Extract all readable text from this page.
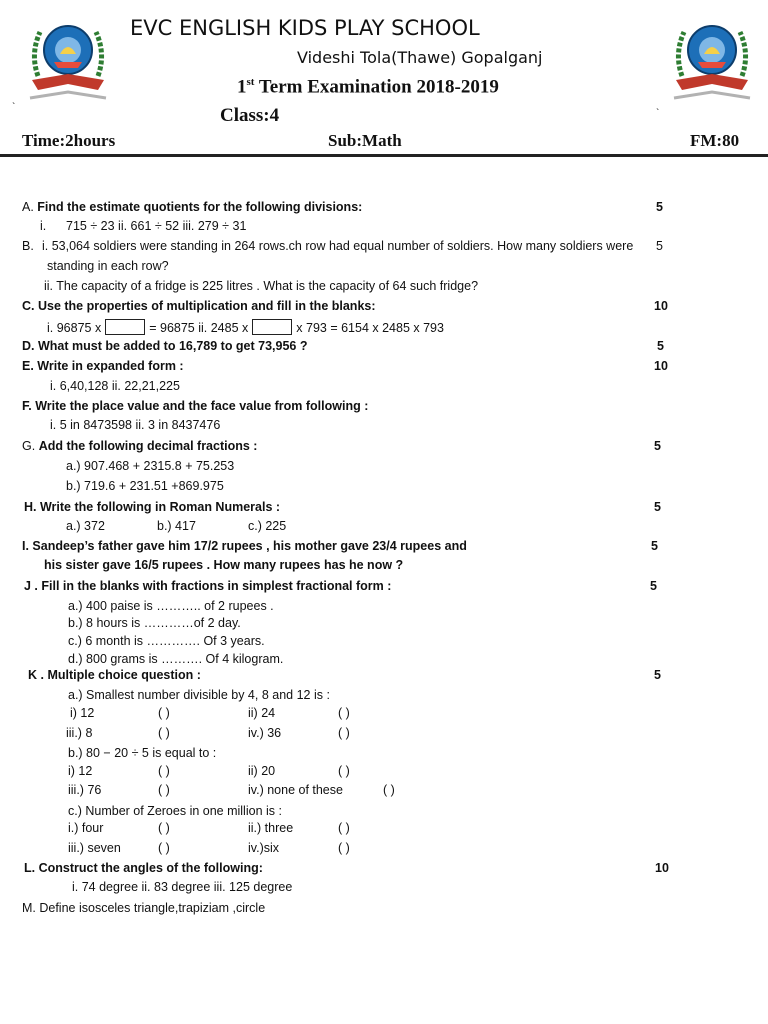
`
`
EVC ENGLISH KIDS PLAY SCHOOL
Videshi Tola(Thawe) Gopalganj
1st Term Examination 2018-2019
Class:4
Time:2hours	Sub:Math	FM:80
A. Find the estimate quotients for the following divisions:	5
i. 715 ÷ 23 ii. 661 ÷ 52 iii. 279 ÷ 31
B. i. 53,064 soldiers were standing in 264 rows.ch row had equal number of soldiers. How many soldiers were 5
standing in each row?
ii. The capacity of a fridge is 225 litres . What is the capacity of 64 such fridge?
C. Use the properties of multiplication and fill in the blanks:	10
i. 96875 x	= 96875 ii. 2485 x	x 793 = 6154 x 2485 x 793
D. What must be added to 16,789 to get 73,956 ?	5
E. Write in expanded form :	10
i. 6,40,128 ii. 22,21,225
F. Write the place value and the face value from following :
i. 5 in 8473598 ii. 3 in 8437476
G. Add the following decimal fractions :	5
a.) 907.468 + 2315.8 + 75.253
b.) 719.6 + 231.51 +869.975
H. Write the following in Roman Numerals :	5
a.) 372	b.) 417	c.) 225
I. Sandeep’s father gave him 17/2 rupees , his mother gave 23/4 rupees and	5
his sister gave 16/5 rupees . How many rupees has he now ?
J . Fill in the blanks with fractions in simplest fractional form :	5
a.) 400 paise is ……….. of 2 rupees .
b.) 8 hours is …………of 2 day.
c.) 6 month is …………. Of 3 years.
d.) 800 grams is ………. Of 4 kilogram.
K . Multiple choice question :	5
a.) Smallest number divisible by 4, 8 and 12 is :
i) 12	( )	ii) 24	( )
iii.) 8	( )	iv.) 36	( )
b.) 80 − 20 ÷ 5 is equal to :
i) 12	( )	ii) 20	( )
iii.) 76	( )	iv.) none of these	( )
c.) Number of Zeroes in one million is :
i.) four	( )	ii.) three	( )
iii.) seven	( )	iv.)six	( )
L. Construct the angles of the following:	10
i. 74 degree ii. 83 degree iii. 125 degree
M. Define isosceles triangle,trapiziam ,circle
